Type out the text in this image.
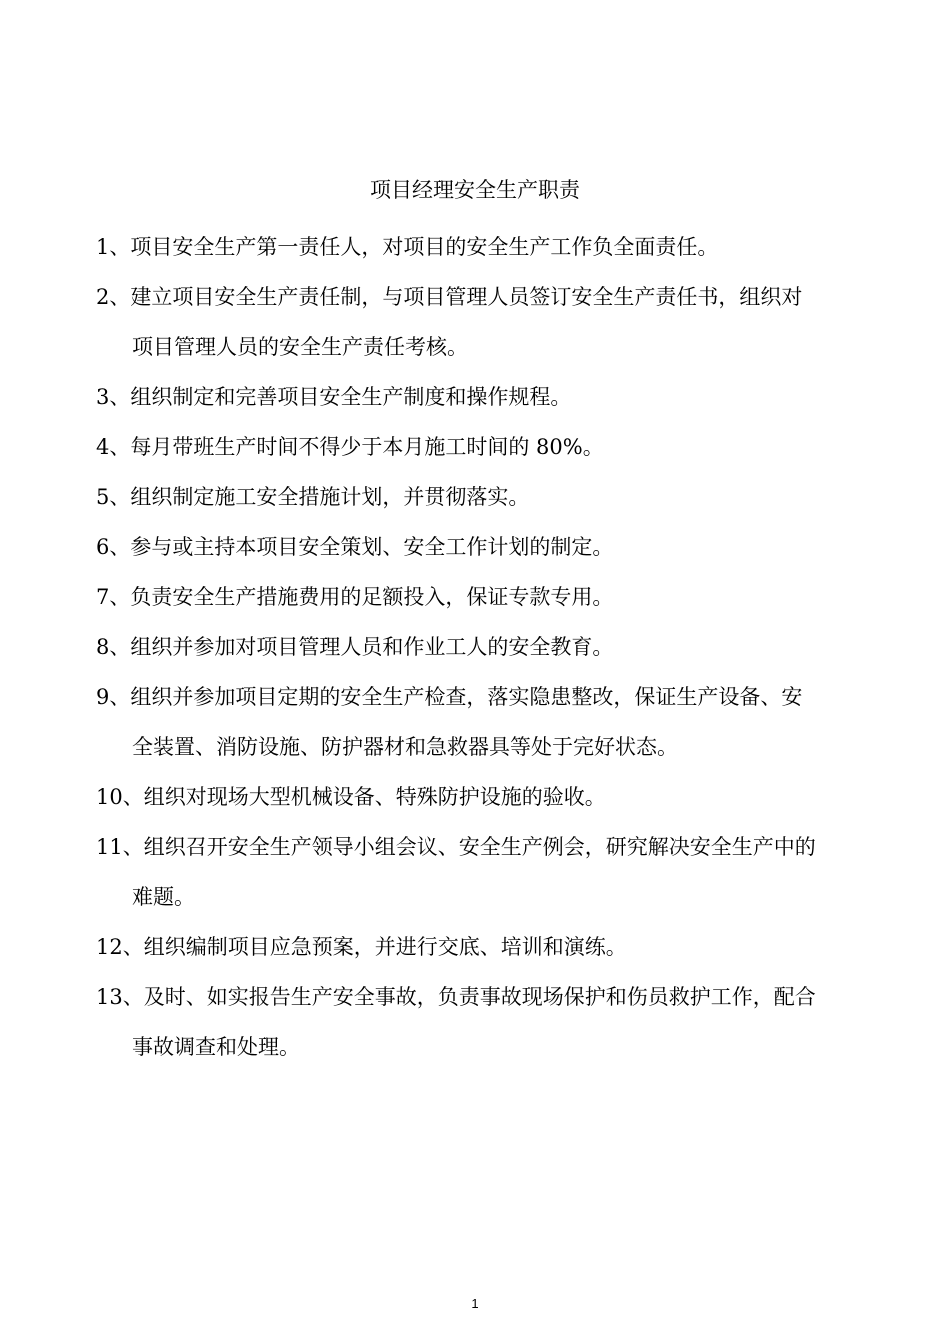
项目经理安全生产职责
1、项目安全生产第一责任人，对项目的安全生产工作负全面责任。
2、建立项目安全生产责任制，与项目管理人员签订安全生产责任书，组织对
项目管理人员的安全生产责任考核。
3、组织制定和完善项目安全生产制度和操作规程。
4、每月带班生产时间不得少于本月施工时间的 80%。
5、组织制定施工安全措施计划，并贯彻落实。
6、参与或主持本项目安全策划、安全工作计划的制定。
7、负责安全生产措施费用的足额投入，保证专款专用。
8、组织并参加对项目管理人员和作业工人的安全教育。
9、组织并参加项目定期的安全生产检查，落实隐患整改，保证生产设备、安
全装置、消防设施、防护器材和急救器具等处于完好状态。
10、组织对现场大型机械设备、特殊防护设施的验收。
11、组织召开安全生产领导小组会议、安全生产例会，研究解决安全生产中的
难题。
12、组织编制项目应急预案，并进行交底、培训和演练。
13、及时、如实报告生产安全事故，负责事故现场保护和伤员救护工作，配合
事故调查和处理。
1
